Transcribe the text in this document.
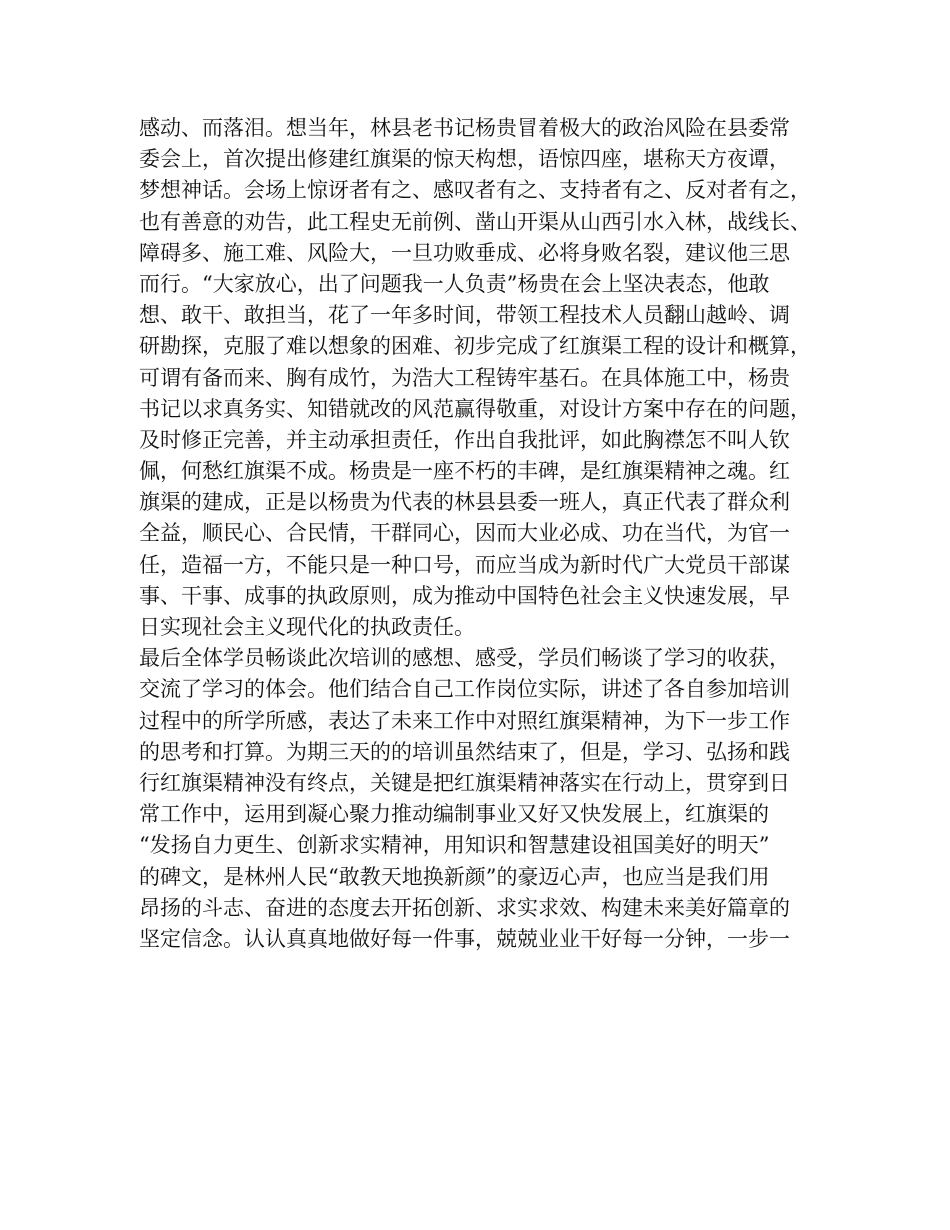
感动、而落泪。想当年，林县老书记杨贵冒着极大的政治风险在县委常
委会上，首次提出修建红旗渠的惊天构想，语惊四座，堪称天方夜谭，
梦想神话。会场上惊讶者有之、感叹者有之、支持者有之、反对者有之，
也有善意的劝告，此工程史无前例、凿山开渠从山西引水入林，战线长、
障碍多、施工难、风险大，一旦功败垂成、必将身败名裂，建议他三思
而行。“大家放心，出了问题我一人负责”杨贵在会上坚决表态，他敢
想、敢干、敢担当，花了一年多时间，带领工程技术人员翻山越岭、调
研勘探，克服了难以想象的困难、初步完成了红旗渠工程的设计和概算，
可谓有备而来、胸有成竹，为浩大工程铸牢基石。在具体施工中，杨贵
书记以求真务实、知错就改的风范赢得敬重，对设计方案中存在的问题，
及时修正完善，并主动承担责任，作出自我批评，如此胸襟怎不叫人钦
佩，何愁红旗渠不成。杨贵是一座不朽的丰碑，是红旗渠精神之魂。红
旗渠的建成，正是以杨贵为代表的林县县委一班人，真正代表了群众利
全益，顺民心、合民情，干群同心，因而大业必成、功在当代，为官一
任，造福一方，不能只是一种口号，而应当成为新时代广大党员干部谋
事、干事、成事的执政原则，成为推动中国特色社会主义快速发展，早
日实现社会主义现代化的执政责任。
最后全体学员畅谈此次培训的感想、感受，学员们畅谈了学习的收获，
交流了学习的体会。他们结合自己工作岗位实际，讲述了各自参加培训
过程中的所学所感，表达了未来工作中对照红旗渠精神，为下一步工作
的思考和打算。为期三天的的培训虽然结束了，但是，学习、弘扬和践
行红旗渠精神没有终点，关键是把红旗渠精神落实在行动上，贯穿到日
常工作中，运用到凝心聚力推动编制事业又好又快发展上，红旗渠的
“发扬自力更生、创新求实精神，用知识和智慧建设祖国美好的明天”
的碑文，是林州人民“敢教天地换新颜”的豪迈心声，也应当是我们用
昂扬的斗志、奋进的态度去开拓创新、求实求效、构建未来美好篇章的
坚定信念。认认真真地做好每一件事，兢兢业业干好每一分钟，一步一
